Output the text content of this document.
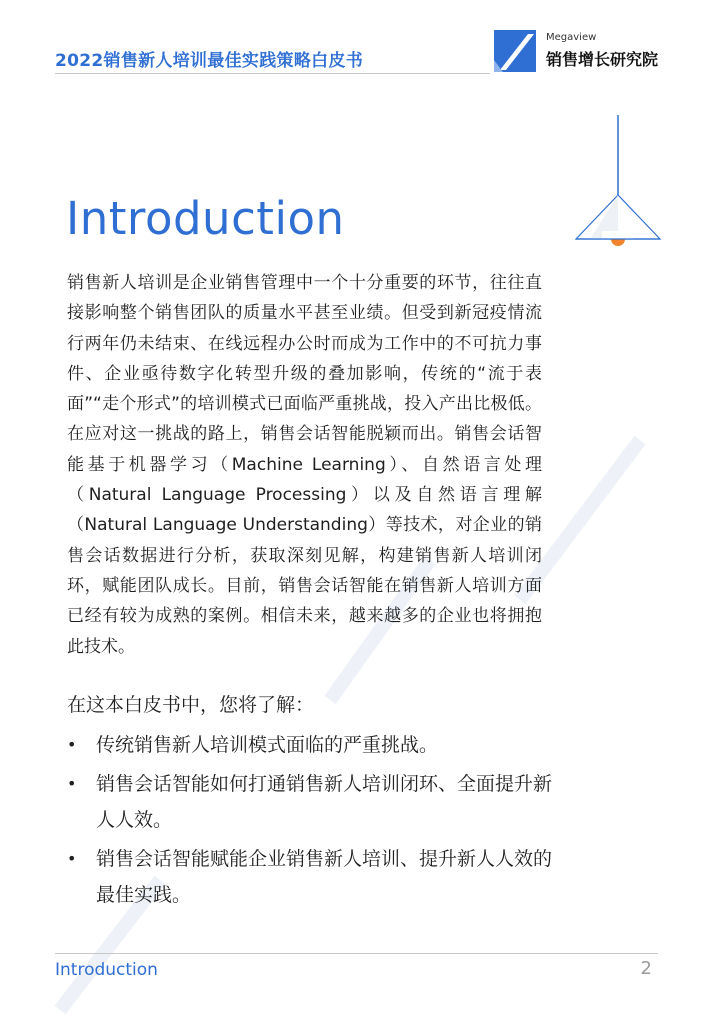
2022销售新人培训最佳实践策略白皮书
Megaview
销售增长研究院
Introduction

销售新人培训是企业销售管理中一个十分重要的环节，往往直接影响整个销售团队的质量水平甚至业绩。但受到新冠疫情流行两年仍未结束、在线远程办公时而成为工作中的不可抗力事件、企业亟待数字化转型升级的叠加影响，传统的“流于表面”“走个形式”的培训模式已面临严重挑战，投入产出比极低。在应对这一挑战的路上，销售会话智能脱颖而出。销售会话智能基于机器学习（Machine Learning）、自然语言处理（Natural Language Processing）以及自然语言理解（Natural Language Understanding）等技术，对企业的销售会话数据进行分析，获取深刻见解，构建销售新人培训闭环，赋能团队成长。目前，销售会话智能在销售新人培训方面已经有较为成熟的案例。相信未来，越来越多的企业也将拥抱此技术。

在这本白皮书中，您将了解：
• 传统销售新人培训模式面临的严重挑战。
• 销售会话智能如何打通销售新人培训闭环、全面提升新人人效。
• 销售会话智能赋能企业销售新人培训、提升新人人效的最佳实践。
Introduction	2
